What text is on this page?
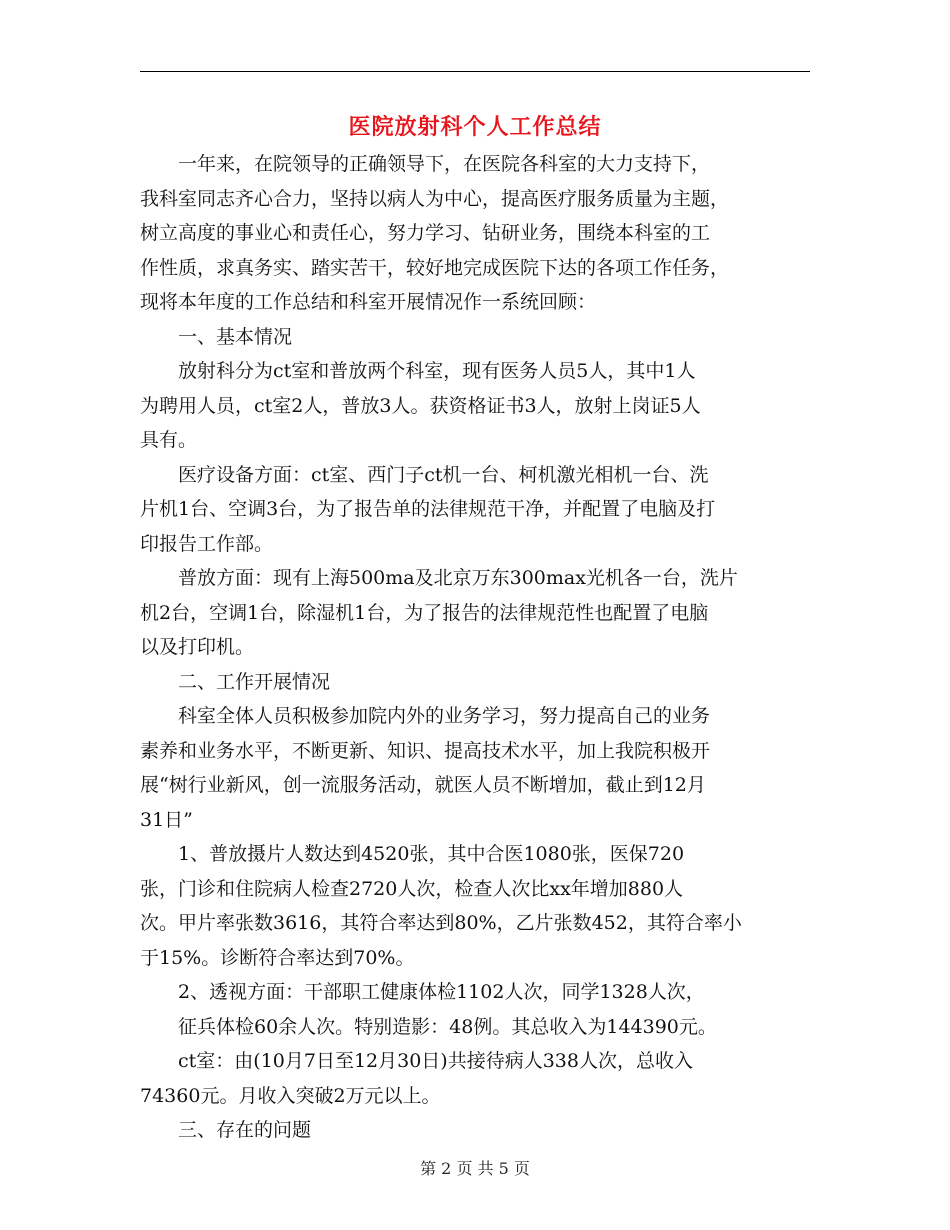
医院放射科个人工作总结
一年来，在院领导的正确领导下，在医院各科室的大力支持下，
我科室同志齐心合力，坚持以病人为中心，提高医疗服务质量为主题，
树立高度的事业心和责任心，努力学习、钻研业务，围绕本科室的工
作性质，求真务实、踏实苦干，较好地完成医院下达的各项工作任务，
现将本年度的工作总结和科室开展情况作一系统回顾：
一、基本情况
放射科分为ct室和普放两个科室，现有医务人员5人，其中1人
为聘用人员，ct室2人，普放3人。获资格证书3人，放射上岗证5人
具有。
医疗设备方面：ct室、西门子ct机一台、柯机激光相机一台、洗
片机1台、空调3台，为了报告单的法律规范干净，并配置了电脑及打
印报告工作部。
普放方面：现有上海500ma及北京万东300max光机各一台，洗片
机2台，空调1台，除湿机1台，为了报告的法律规范性也配置了电脑
以及打印机。
二、工作开展情况
科室全体人员积极参加院内外的业务学习，努力提高自己的业务
素养和业务水平，不断更新、知识、提高技术水平，加上我院积极开
展“树行业新风，创一流服务活动，就医人员不断增加，截止到12月
31日”
1、普放摄片人数达到4520张，其中合医1080张，医保720
张，门诊和住院病人检查2720人次，检查人次比xx年增加880人
次。甲片率张数3616，其符合率达到80%，乙片张数452，其符合率小
于15%。诊断符合率达到70%。
2、透视方面：干部职工健康体检1102人次，同学1328人次，
征兵体检60余人次。特别造影：48例。其总收入为144390元。
ct室：由(10月7日至12月30日)共接待病人338人次，总收入
74360元。月收入突破2万元以上。
三、存在的问题
第 2 页 共 5 页
